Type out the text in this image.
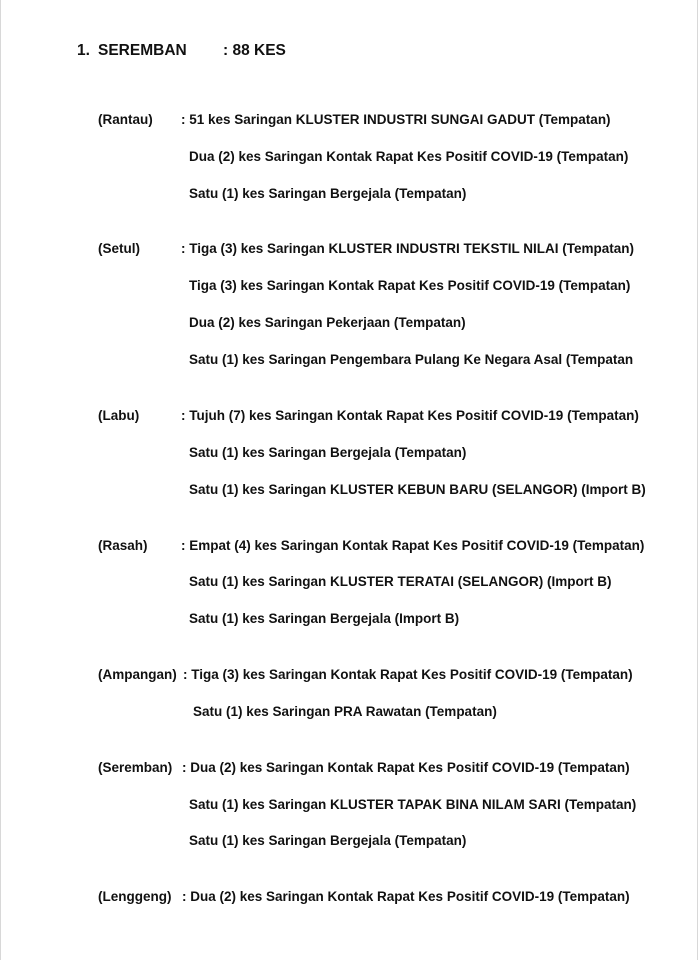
1. SEREMBAN : 88 KES
(Rantau) : 51 kes Saringan KLUSTER INDUSTRI SUNGAI GADUT (Tempatan)
Dua (2) kes Saringan Kontak Rapat Kes Positif COVID-19 (Tempatan)
Satu (1) kes Saringan Bergejala (Tempatan)
(Setul)	: Tiga (3) kes Saringan KLUSTER INDUSTRI TEKSTIL NILAI (Tempatan)
Tiga (3) kes Saringan Kontak Rapat Kes Positif COVID-19 (Tempatan)
Dua (2) kes Saringan Pekerjaan (Tempatan)
Satu (1) kes Saringan Pengembara Pulang Ke Negara Asal (Tempatan
(Labu)	: Tujuh (7) kes Saringan Kontak Rapat Kes Positif COVID-19 (Tempatan)
Satu (1) kes Saringan Bergejala (Tempatan)
Satu (1) kes Saringan KLUSTER KEBUN BARU (SELANGOR) (Import B)
(Rasah) : Empat (4) kes Saringan Kontak Rapat Kes Positif COVID-19 (Tempatan)
Satu (1) kes Saringan KLUSTER TERATAI (SELANGOR) (Import B)
Satu (1) kes Saringan Bergejala (Import B)
(Ampangan) : Tiga (3) kes Saringan Kontak Rapat Kes Positif COVID-19 (Tempatan)
Satu (1) kes Saringan PRA Rawatan (Tempatan)
(Seremban) : Dua (2) kes Saringan Kontak Rapat Kes Positif COVID-19 (Tempatan)
Satu (1) kes Saringan KLUSTER TAPAK BINA NILAM SARI (Tempatan)
Satu (1) kes Saringan Bergejala (Tempatan)
(Lenggeng) : Dua (2) kes Saringan Kontak Rapat Kes Positif COVID-19 (Tempatan)
